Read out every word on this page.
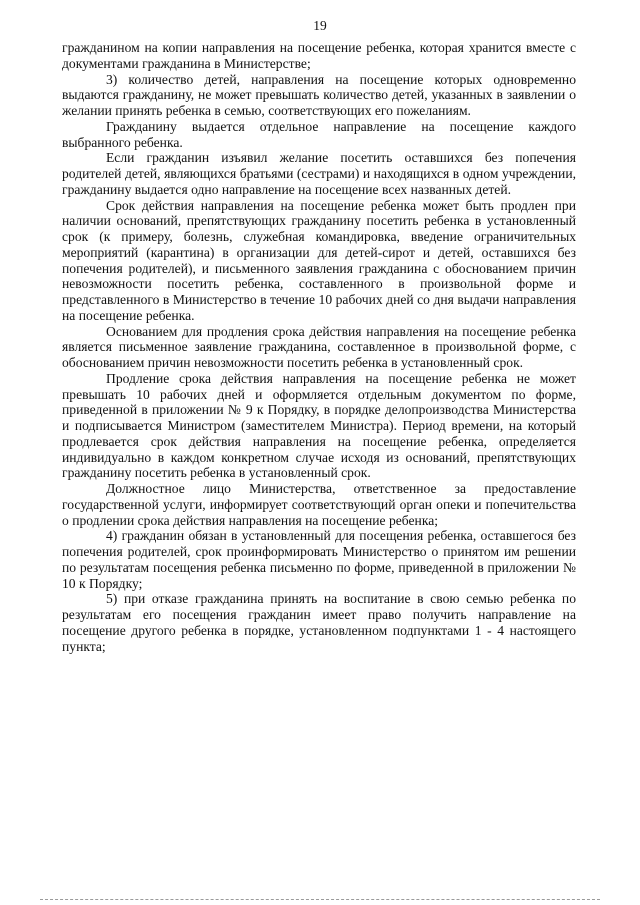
19

гражданином на копии направления на посещение ребенка, которая хранится вместе с документами гражданина в Министерстве;

3) количество детей, направления на посещение которых одновременно выдаются гражданину, не может превышать количество детей, указанных в заявлении о желании принять ребенка в семью, соответствующих его пожеланиям.

Гражданину выдается отдельное направление на посещение каждого выбранного ребенка.

Если гражданин изъявил желание посетить оставшихся без попечения родителей детей, являющихся братьями (сестрами) и находящихся в одном учреждении, гражданину выдается одно направление на посещение всех названных детей.

Срок действия направления на посещение ребенка может быть продлен при наличии оснований, препятствующих гражданину посетить ребенка в установленный срок (к примеру, болезнь, служебная командировка, введение ограничительных мероприятий (карантина) в организации для детей-сирот и детей, оставшихся без попечения родителей), и письменного заявления гражданина с обоснованием причин невозможности посетить ребенка, составленного в произвольной форме и представленного в Министерство в течение 10 рабочих дней со дня выдачи направления на посещение ребенка.

Основанием для продления срока действия направления на посещение ребенка является письменное заявление гражданина, составленное в произвольной форме, с обоснованием причин невозможности посетить ребенка в установленный срок.

Продление срока действия направления на посещение ребенка не может превышать 10 рабочих дней и оформляется отдельным документом по форме, приведенной в приложении № 9 к Порядку, в порядке делопроизводства Министерства и подписывается Министром (заместителем Министра). Период времени, на который продлевается срок действия направления на посещение ребенка, определяется индивидуально в каждом конкретном случае исходя из оснований, препятствующих гражданину посетить ребенка в установленный срок.

Должностное лицо Министерства, ответственное за предоставление государственной услуги, информирует соответствующий орган опеки и попечительства о продлении срока действия направления на посещение ребенка;

4) гражданин обязан в установленный для посещения ребенка, оставшегося без попечения родителей, срок проинформировать Министерство о принятом им решении по результатам посещения ребенка письменно по форме, приведенной в приложении № 10 к Порядку;

5) при отказе гражданина принять на воспитание в свою семью ребенка по результатам его посещения гражданин имеет право получить направление на посещение другого ребенка в порядке, установленном подпунктами 1 - 4 настоящего пункта;
